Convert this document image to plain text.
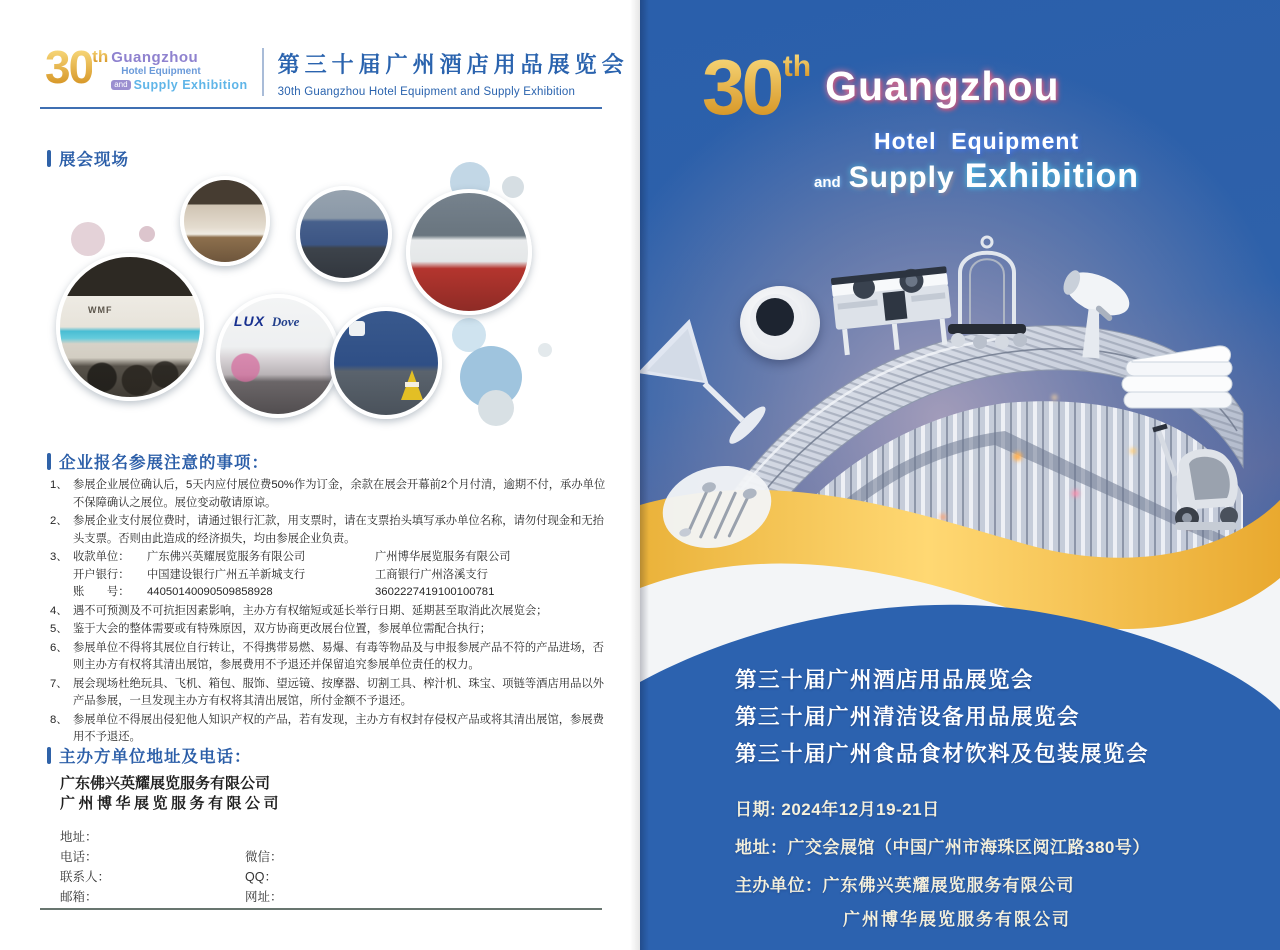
30 th Guangzhou
Hotel Equipment
and Supply Exhibition
第三十届广州酒店用品展览会
30th Guangzhou Hotel Equipment and Supply Exhibition
展会现场
WMF
LUX Dove
企业报名参展注意的事项：
1、 参展企业展位确认后，5天内应付展位费50%作为订金，余款在展会开幕前2个月付清，逾期不付，承办单位不保障确认之展位。展位变动敬请原谅。
2、 参展企业支付展位费时，请通过银行汇款，用支票时，请在支票抬头填写承办单位名称，请勿付现金和无抬头支票。否则由此造成的经济损失，均由参展企业负责。
3、 收款单位：	广东佛兴英耀展览服务有限公司	广州博华展览服务有限公司
开户银行：	中国建设银行广州五羊新城支行	工商银行广州洛溪支行
账　　号：	44050140090509858928	3602227419100100781
4、 遇不可预测及不可抗拒因素影响，主办方有权缩短或延长举行日期、延期甚至取消此次展览会；
5、 鉴于大会的整体需要或有特殊原因，双方协商更改展台位置，参展单位需配合执行；
6、 参展单位不得将其展位自行转让，不得携带易燃、易爆、有毒等物品及与申报参展产品不符的产品进场，否则主办方有权将其清出展馆，参展费用不予退还并保留追究参展单位责任的权力。
7、 展会现场杜绝玩具、飞机、箱包、服饰、望远镜、按摩器、切割工具、榨汁机、珠宝、项链等酒店用品以外产品参展，一旦发现主办方有权将其清出展馆，所付金额不予退还。
8、 参展单位不得展出侵犯他人知识产权的产品，若有发现，主办方有权封存侵权产品或将其清出展馆，参展费用不予退还。
主办方单位地址及电话：
广东佛兴英耀展览服务有限公司
广州博华展览服务有限公司
地址：
电话：	微信：
联系人：	QQ：
邮箱：	网址：
30 th Guangzhou
Hotel Equipment
and Supply Exhibition
第三十届广州酒店用品展览会
第三十届广州清洁设备用品展览会
第三十届广州食品食材饮料及包装展览会
日期: 2024年12月19-21日
地址：广交会展馆（中国广州市海珠区阅江路380号）
主办单位： 广东佛兴英耀展览服务有限公司
广州博华展览服务有限公司
